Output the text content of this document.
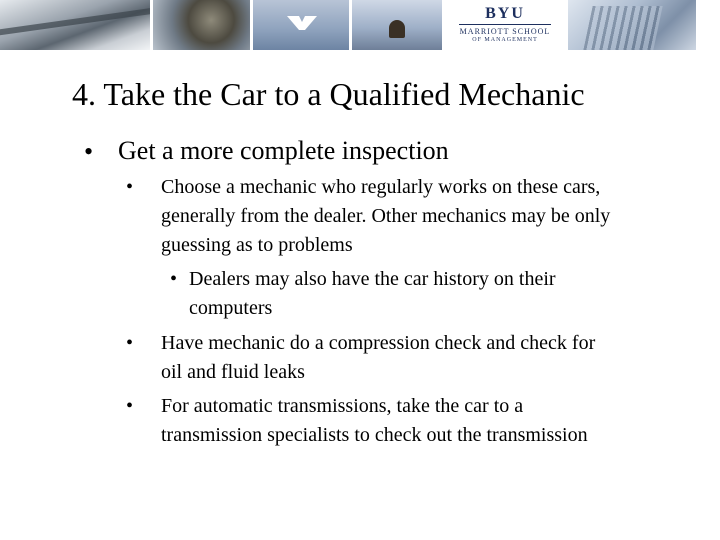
BYU
MARRIOTT SCHOOL
OF MANAGEMENT
4. Take the Car to a Qualified Mechanic
• Get a more complete inspection
• Choose a mechanic who regularly works on these cars, generally from the dealer. Other mechanics may be only guessing as to problems
• Dealers may also have the car history on their computers
• Have mechanic do a compression check and check for oil and fluid leaks
• For automatic transmissions, take the car to a transmission specialists to check out the transmission
